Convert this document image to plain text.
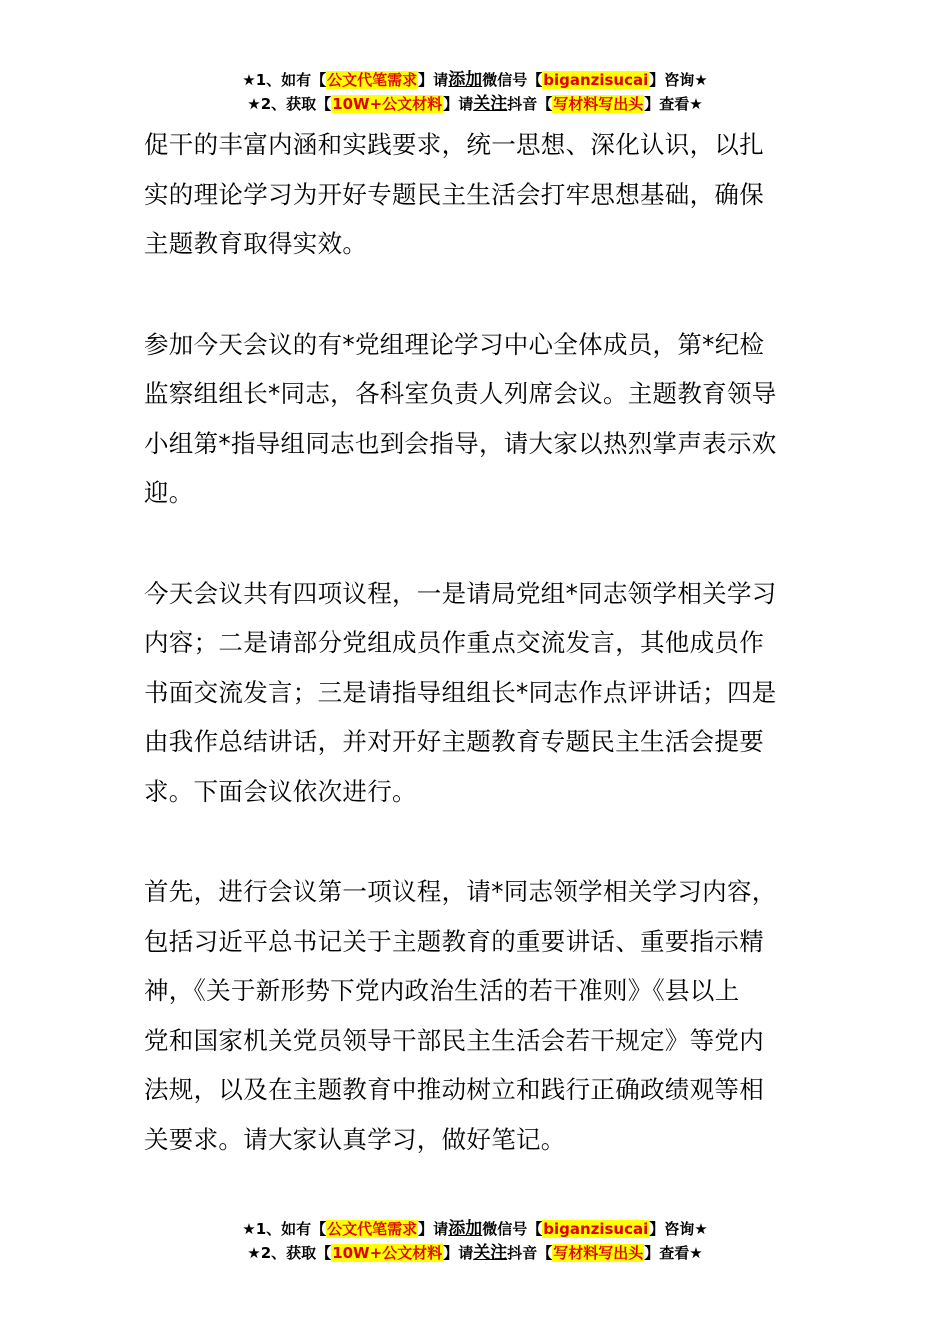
★1、如有【公文代笔需求】请添加微信号【biganzisucai】咨询★
★2、获取【10W+公文材料】请关注抖音【写材料写出头】查看★
促干的丰富内涵和实践要求，统一思想、深化认识，以扎
实的理论学习为开好专题民主生活会打牢思想基础，确保
主题教育取得实效。
参加今天会议的有*党组理论学习中心全体成员，第*纪检
监察组组长*同志，各科室负责人列席会议。主题教育领导
小组第*指导组同志也到会指导，请大家以热烈掌声表示欢
迎。
今天会议共有四项议程，一是请局党组*同志领学相关学习
内容；二是请部分党组成员作重点交流发言，其他成员作
书面交流发言；三是请指导组组长*同志作点评讲话；四是
由我作总结讲话，并对开好主题教育专题民主生活会提要
求。下面会议依次进行。
首先，进行会议第一项议程，请*同志领学相关学习内容，
包括习近平总书记关于主题教育的重要讲话、重要指示精
神，《关于新形势下党内政治生活的若干准则》《县以上
党和国家机关党员领导干部民主生活会若干规定》等党内
法规，以及在主题教育中推动树立和践行正确政绩观等相
关要求。请大家认真学习，做好笔记。
★1、如有【公文代笔需求】请添加微信号【biganzisucai】咨询★
★2、获取【10W+公文材料】请关注抖音【写材料写出头】查看★
